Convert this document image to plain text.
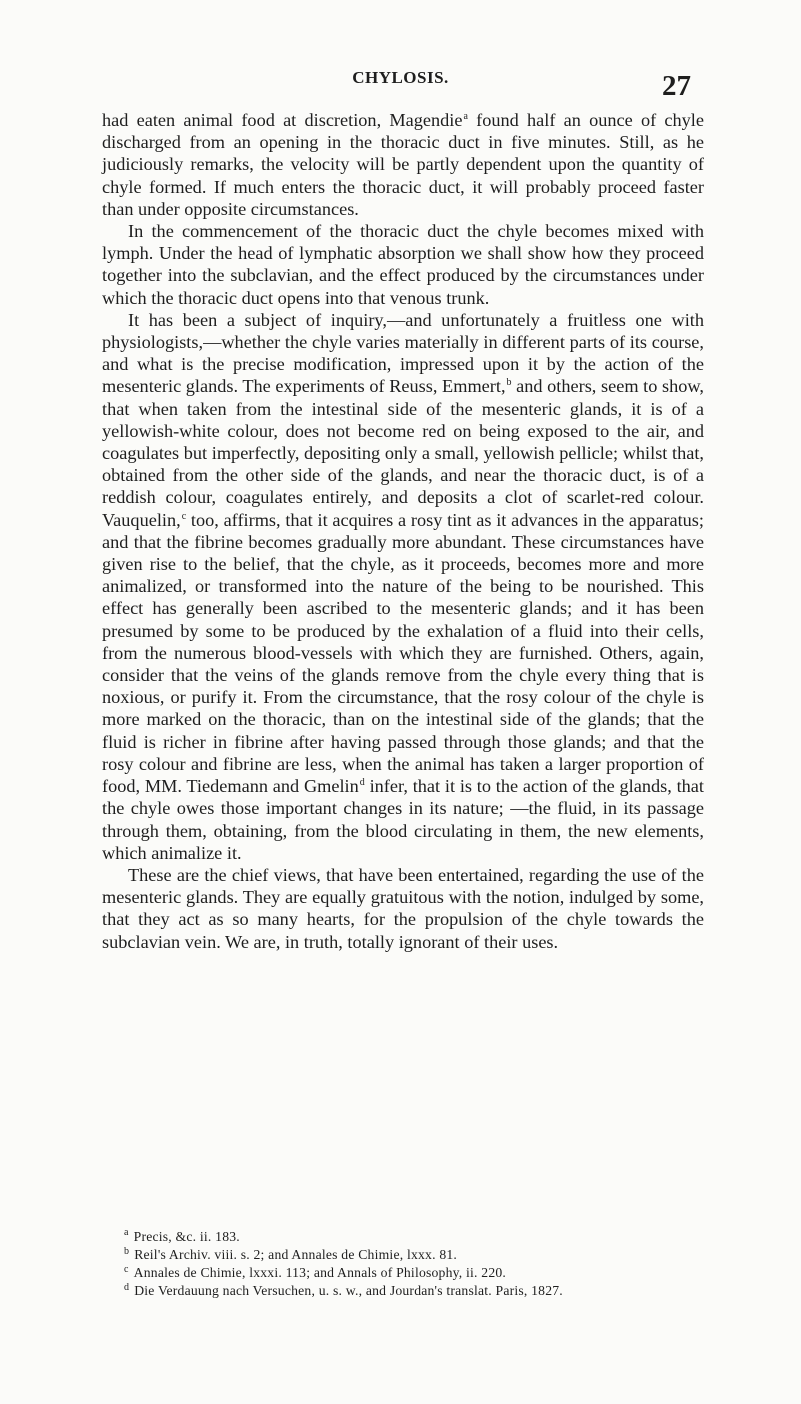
CHYLOSIS.	27

had eaten animal food at discretion, Magendie$^a$ found half an ounce of chyle discharged from an opening in the thoracic duct in five minutes. Still, as he judiciously remarks, the velocity will be partly dependent upon the quantity of chyle formed. If much enters the thoracic duct, it will probably proceed faster than under opposite circumstances.

In the commencement of the thoracic duct the chyle becomes mixed with lymph. Under the head of lymphatic absorption we shall show how they proceed together into the subclavian, and the effect produced by the circumstances under which the thoracic duct opens into that venous trunk.

It has been a subject of inquiry,—and unfortunately a fruitless one with physiologists,—whether the chyle varies materially in different parts of its course, and what is the precise modification, impressed upon it by the action of the mesenteric glands. The experiments of Reuss, Emmert,$^b$ and others, seem to show, that when taken from the intestinal side of the mesenteric glands, it is of a yellowish-white colour, does not become red on being exposed to the air, and coagulates but imperfectly, depositing only a small, yellowish pellicle; whilst that, obtained from the other side of the glands, and near the thoracic duct, is of a reddish colour, coagulates entirely, and deposits a clot of scarlet-red colour. Vauquelin,$^c$ too, affirms, that it acquires a rosy tint as it advances in the apparatus; and that the fibrine becomes gradually more abundant. These circumstances have given rise to the belief, that the chyle, as it proceeds, becomes more and more animalized, or transformed into the nature of the being to be nourished. This effect has generally been ascribed to the mesenteric glands; and it has been presumed by some to be produced by the exhalation of a fluid into their cells, from the numerous blood-vessels with which they are furnished. Others, again, consider that the veins of the glands remove from the chyle every thing that is noxious, or purify it. From the circumstance, that the rosy colour of the chyle is more marked on the thoracic, than on the intestinal side of the glands; that the fluid is richer in fibrine after having passed through those glands; and that the rosy colour and fibrine are less, when the animal has taken a larger proportion of food, MM. Tiedemann and Gmelin$^d$ infer, that it is to the action of the glands, that the chyle owes those important changes in its nature; —the fluid, in its passage through them, obtaining, from the blood circulating in them, the new elements, which animalize it.

These are the chief views, that have been entertained, regarding the use of the mesenteric glands. They are equally gratuitous with the notion, indulged by some, that they act as so many hearts, for the propulsion of the chyle towards the subclavian vein. We are, in truth, totally ignorant of their uses.

$^a$ Precis, &c. ii. 183.
$^b$ Reil's Archiv. viii. s. 2; and Annales de Chimie, lxxx. 81.
$^c$ Annales de Chimie, lxxxi. 113; and Annals of Philosophy, ii. 220.
$^d$ Die Verdauung nach Versuchen, u. s. w., and Jourdan's translat. Paris, 1827.
